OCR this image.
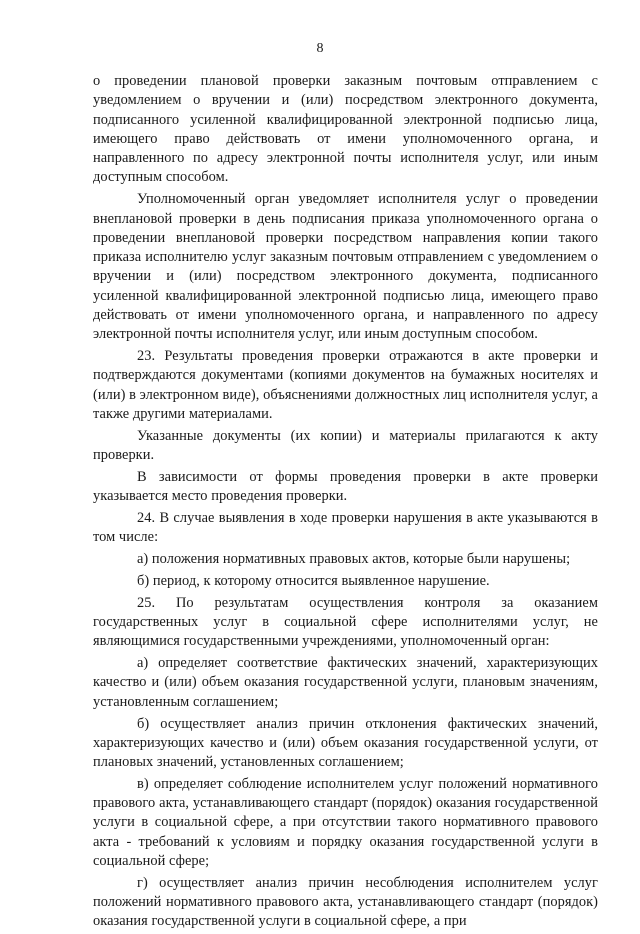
8

о проведении плановой проверки заказным почтовым отправлением с уведомлением о вручении и (или) посредством электронного документа, подписанного усиленной квалифицированной электронной подписью лица, имеющего право действовать от имени уполномоченного органа, и направленного по адресу электронной почты исполнителя услуг, или иным доступным способом.

Уполномоченный орган уведомляет исполнителя услуг о проведении внеплановой проверки в день подписания приказа уполномоченного органа о проведении внеплановой проверки посредством направления копии такого приказа исполнителю услуг заказным почтовым отправлением с уведомлением о вручении и (или) посредством электронного документа, подписанного усиленной квалифицированной электронной подписью лица, имеющего право действовать от имени уполномоченного органа, и направленного по адресу электронной почты исполнителя услуг, или иным доступным способом.

23. Результаты проведения проверки отражаются в акте проверки и подтверждаются документами (копиями документов на бумажных носителях и (или) в электронном виде), объяснениями должностных лиц исполнителя услуг, а также другими материалами.

Указанные документы (их копии) и материалы прилагаются к акту проверки.

В зависимости от формы проведения проверки в акте проверки указывается место проведения проверки.

24. В случае выявления в ходе проверки нарушения в акте указываются в том числе:

а) положения нормативных правовых актов, которые были нарушены;

б) период, к которому относится выявленное нарушение.

25. По результатам осуществления контроля за оказанием государственных услуг в социальной сфере исполнителями услуг, не являющимися государственными учреждениями, уполномоченный орган:

а) определяет соответствие фактических значений, характеризующих качество и (или) объем оказания государственной услуги, плановым значениям, установленным соглашением;

б) осуществляет анализ причин отклонения фактических значений, характеризующих качество и (или) объем оказания государственной услуги, от плановых значений, установленных соглашением;

в) определяет соблюдение исполнителем услуг положений нормативного правового акта, устанавливающего стандарт (порядок) оказания государственной услуги в социальной сфере, а при отсутствии такого нормативного правового акта - требований к условиям и порядку оказания государственной услуги в социальной сфере;

г) осуществляет анализ причин несоблюдения исполнителем услуг положений нормативного правового акта, устанавливающего стандарт (порядок) оказания государственной услуги в социальной сфере, а при
